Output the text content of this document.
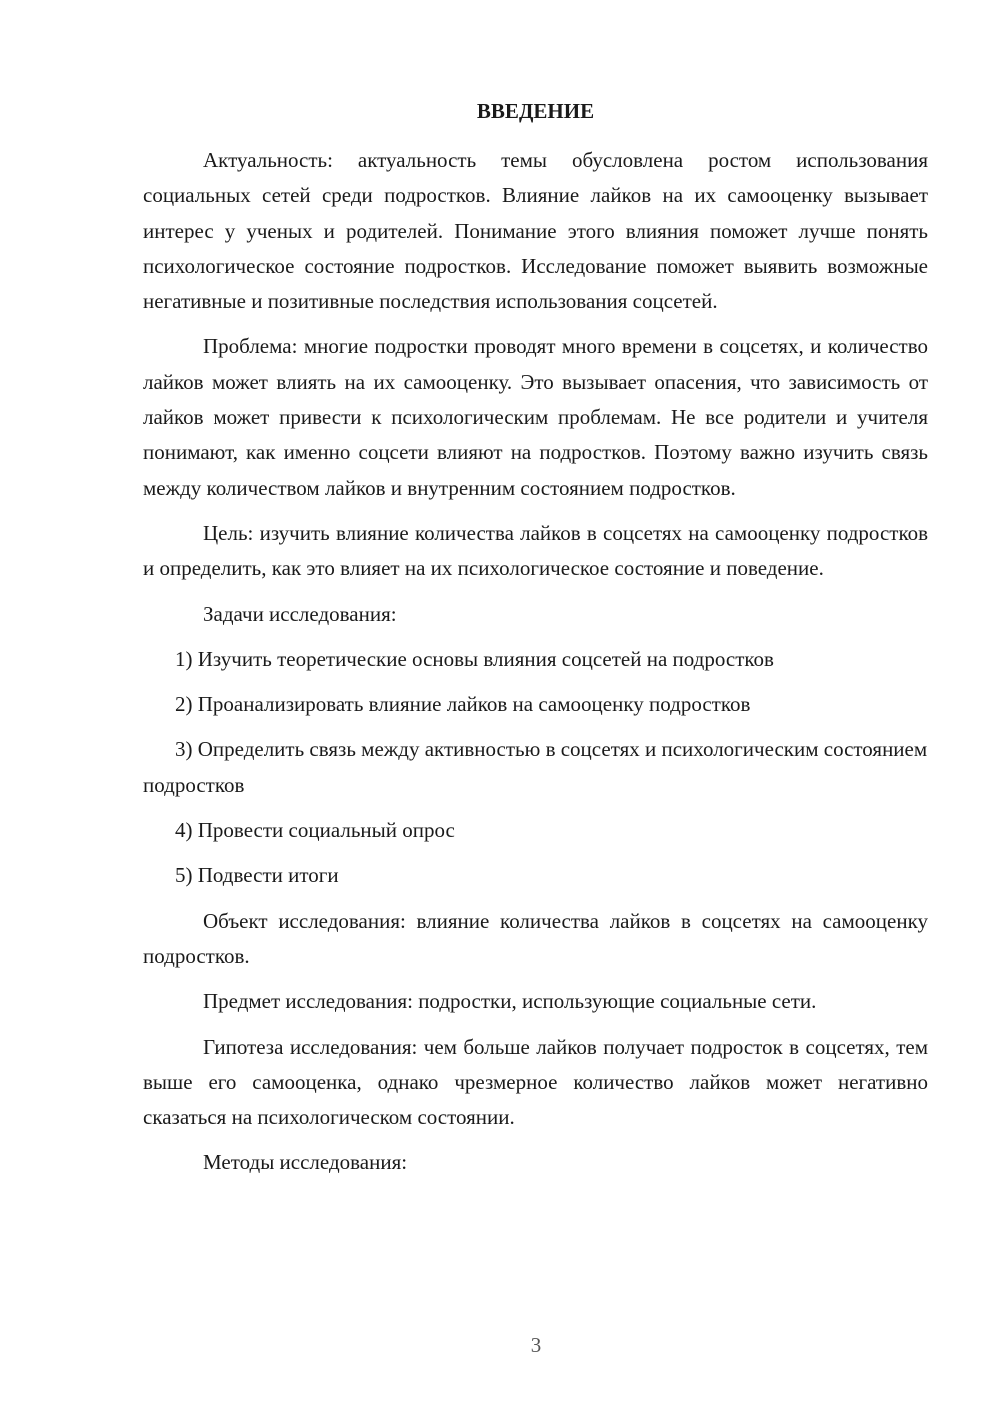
ВВЕДЕНИЕ

Актуальность: актуальность темы обусловлена ростом использования социальных сетей среди подростков. Влияние лайков на их самооценку вызывает интерес у ученых и родителей. Понимание этого влияния поможет лучше понять психологическое состояние подростков. Исследование поможет выявить возможные негативные и позитивные последствия использования соцсетей.

Проблема: многие подростки проводят много времени в соцсетях, и количество лайков может влиять на их самооценку. Это вызывает опасения, что зависимость от лайков может привести к психологическим проблемам. Не все родители и учителя понимают, как именно соцсети влияют на подростков. Поэтому важно изучить связь между количеством лайков и внутренним состоянием подростков.

Цель: изучить влияние количества лайков в соцсетях на самооценку подростков и определить, как это влияет на их психологическое состояние и поведение.

Задачи исследования:

1) Изучить теоретические основы влияния соцсетей на подростков

2) Проанализировать влияние лайков на самооценку подростков

3) Определить связь между активностью в соцсетях и психологическим состоянием подростков

4) Провести социальный опрос

5) Подвести итоги

Объект исследования: влияние количества лайков в соцсетях на самооценку подростков.

Предмет исследования: подростки, использующие социальные сети.

Гипотеза исследования: чем больше лайков получает подросток в соцсетях, тем выше его самооценка, однако чрезмерное количество лайков может негативно сказаться на психологическом состоянии.

Методы исследования:

3
